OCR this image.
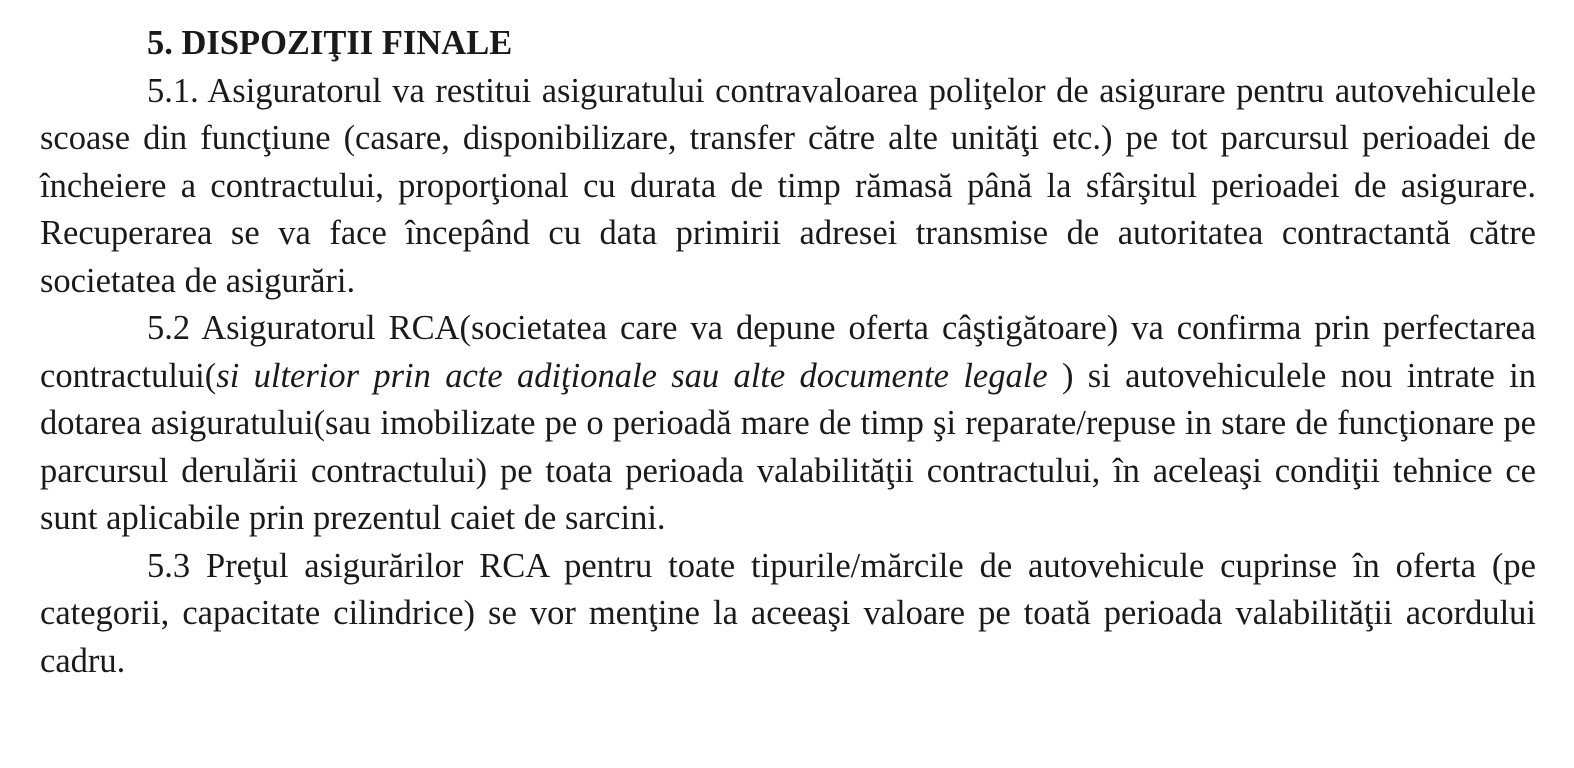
5. DISPOZIŢII FINALE

5.1. Asiguratorul va restitui asiguratului contravaloarea poliţelor de asigurare pentru autovehiculele scoase din funcţiune (casare, disponibilizare, transfer către alte unităţi etc.) pe tot parcursul perioadei de încheiere a contractului, proporţional cu durata de timp rămasă până la sfârşitul perioadei de asigurare. Recuperarea se va face începând cu data primirii adresei transmise de autoritatea contractantă către societatea de asigurări.

5.2 Asiguratorul RCA(societatea care va depune oferta câştigătoare) va confirma prin perfectarea contractului(si ulterior prin acte adiţionale sau alte documente legale ) si autovehiculele nou intrate in dotarea asiguratului(sau imobilizate pe o perioadă mare de timp şi reparate/repuse in stare de funcţionare pe parcursul derulării contractului) pe toata perioada valabilităţii contractului, în aceleaşi condiţii tehnice ce sunt aplicabile prin prezentul caiet de sarcini.

5.3 Preţul asigurărilor RCA pentru toate tipurile/mărcile de autovehicule cuprinse în oferta (pe categorii, capacitate cilindrice) se vor menţine la aceeaşi valoare pe toată perioada valabilităţii acordului cadru.
